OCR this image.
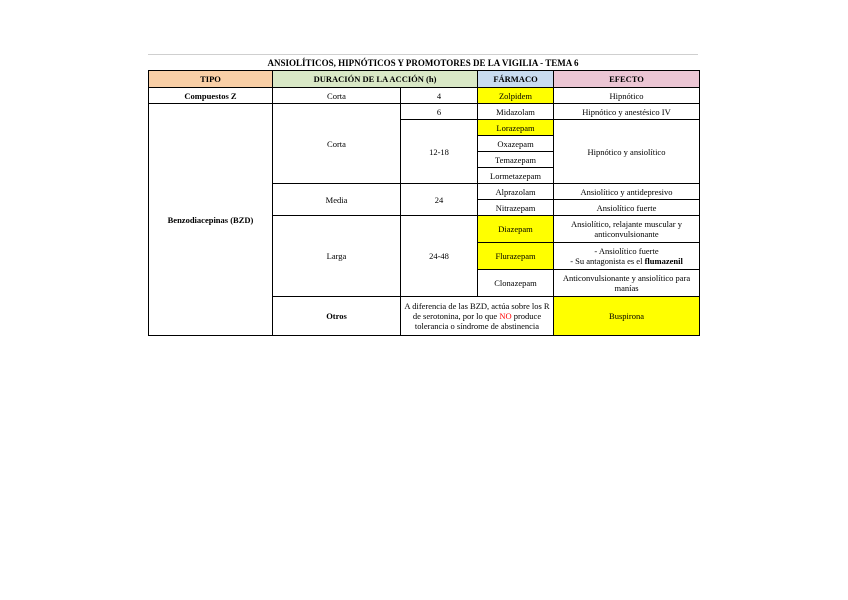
ANSIOLÍTICOS, HIPNÓTICOS Y PROMOTORES DE LA VIGILIA - TEMA 6
TIPO	DURACIÓN DE LA ACCIÓN (h)		FÁRMACO	EFECTO	
Compuestos Z	Corta	4	Zolpidem	Hipnótico	
Benzodiacepinas (BZD)	Corta	6	Midazolam	Hipnótico y anestésico IV	
		12-18	Lorazepam	Hipnótico y ansiolítico	
			Oxazepam		
			Temazepam		
			Lormetazepam		
	Media	24	Alprazolam	Ansiolítico y antidepresivo	
			Nitrazepam	Ansiolítico fuerte	
	Larga	24-48	Diazepam	Ansiolítico, relajante muscular y anticonvulsionante	
			Flurazepam	- Ansiolítico fuerte
- Su antagonista es el flumazenil	
			Clonazepam	Anticonvulsionante y ansiolítico para manías	
	Otros	A diferencia de las BZD, actúa sobre los R de serotonina, por lo que NO produce tolerancia o síndrome de abstinencia		Buspirona	
